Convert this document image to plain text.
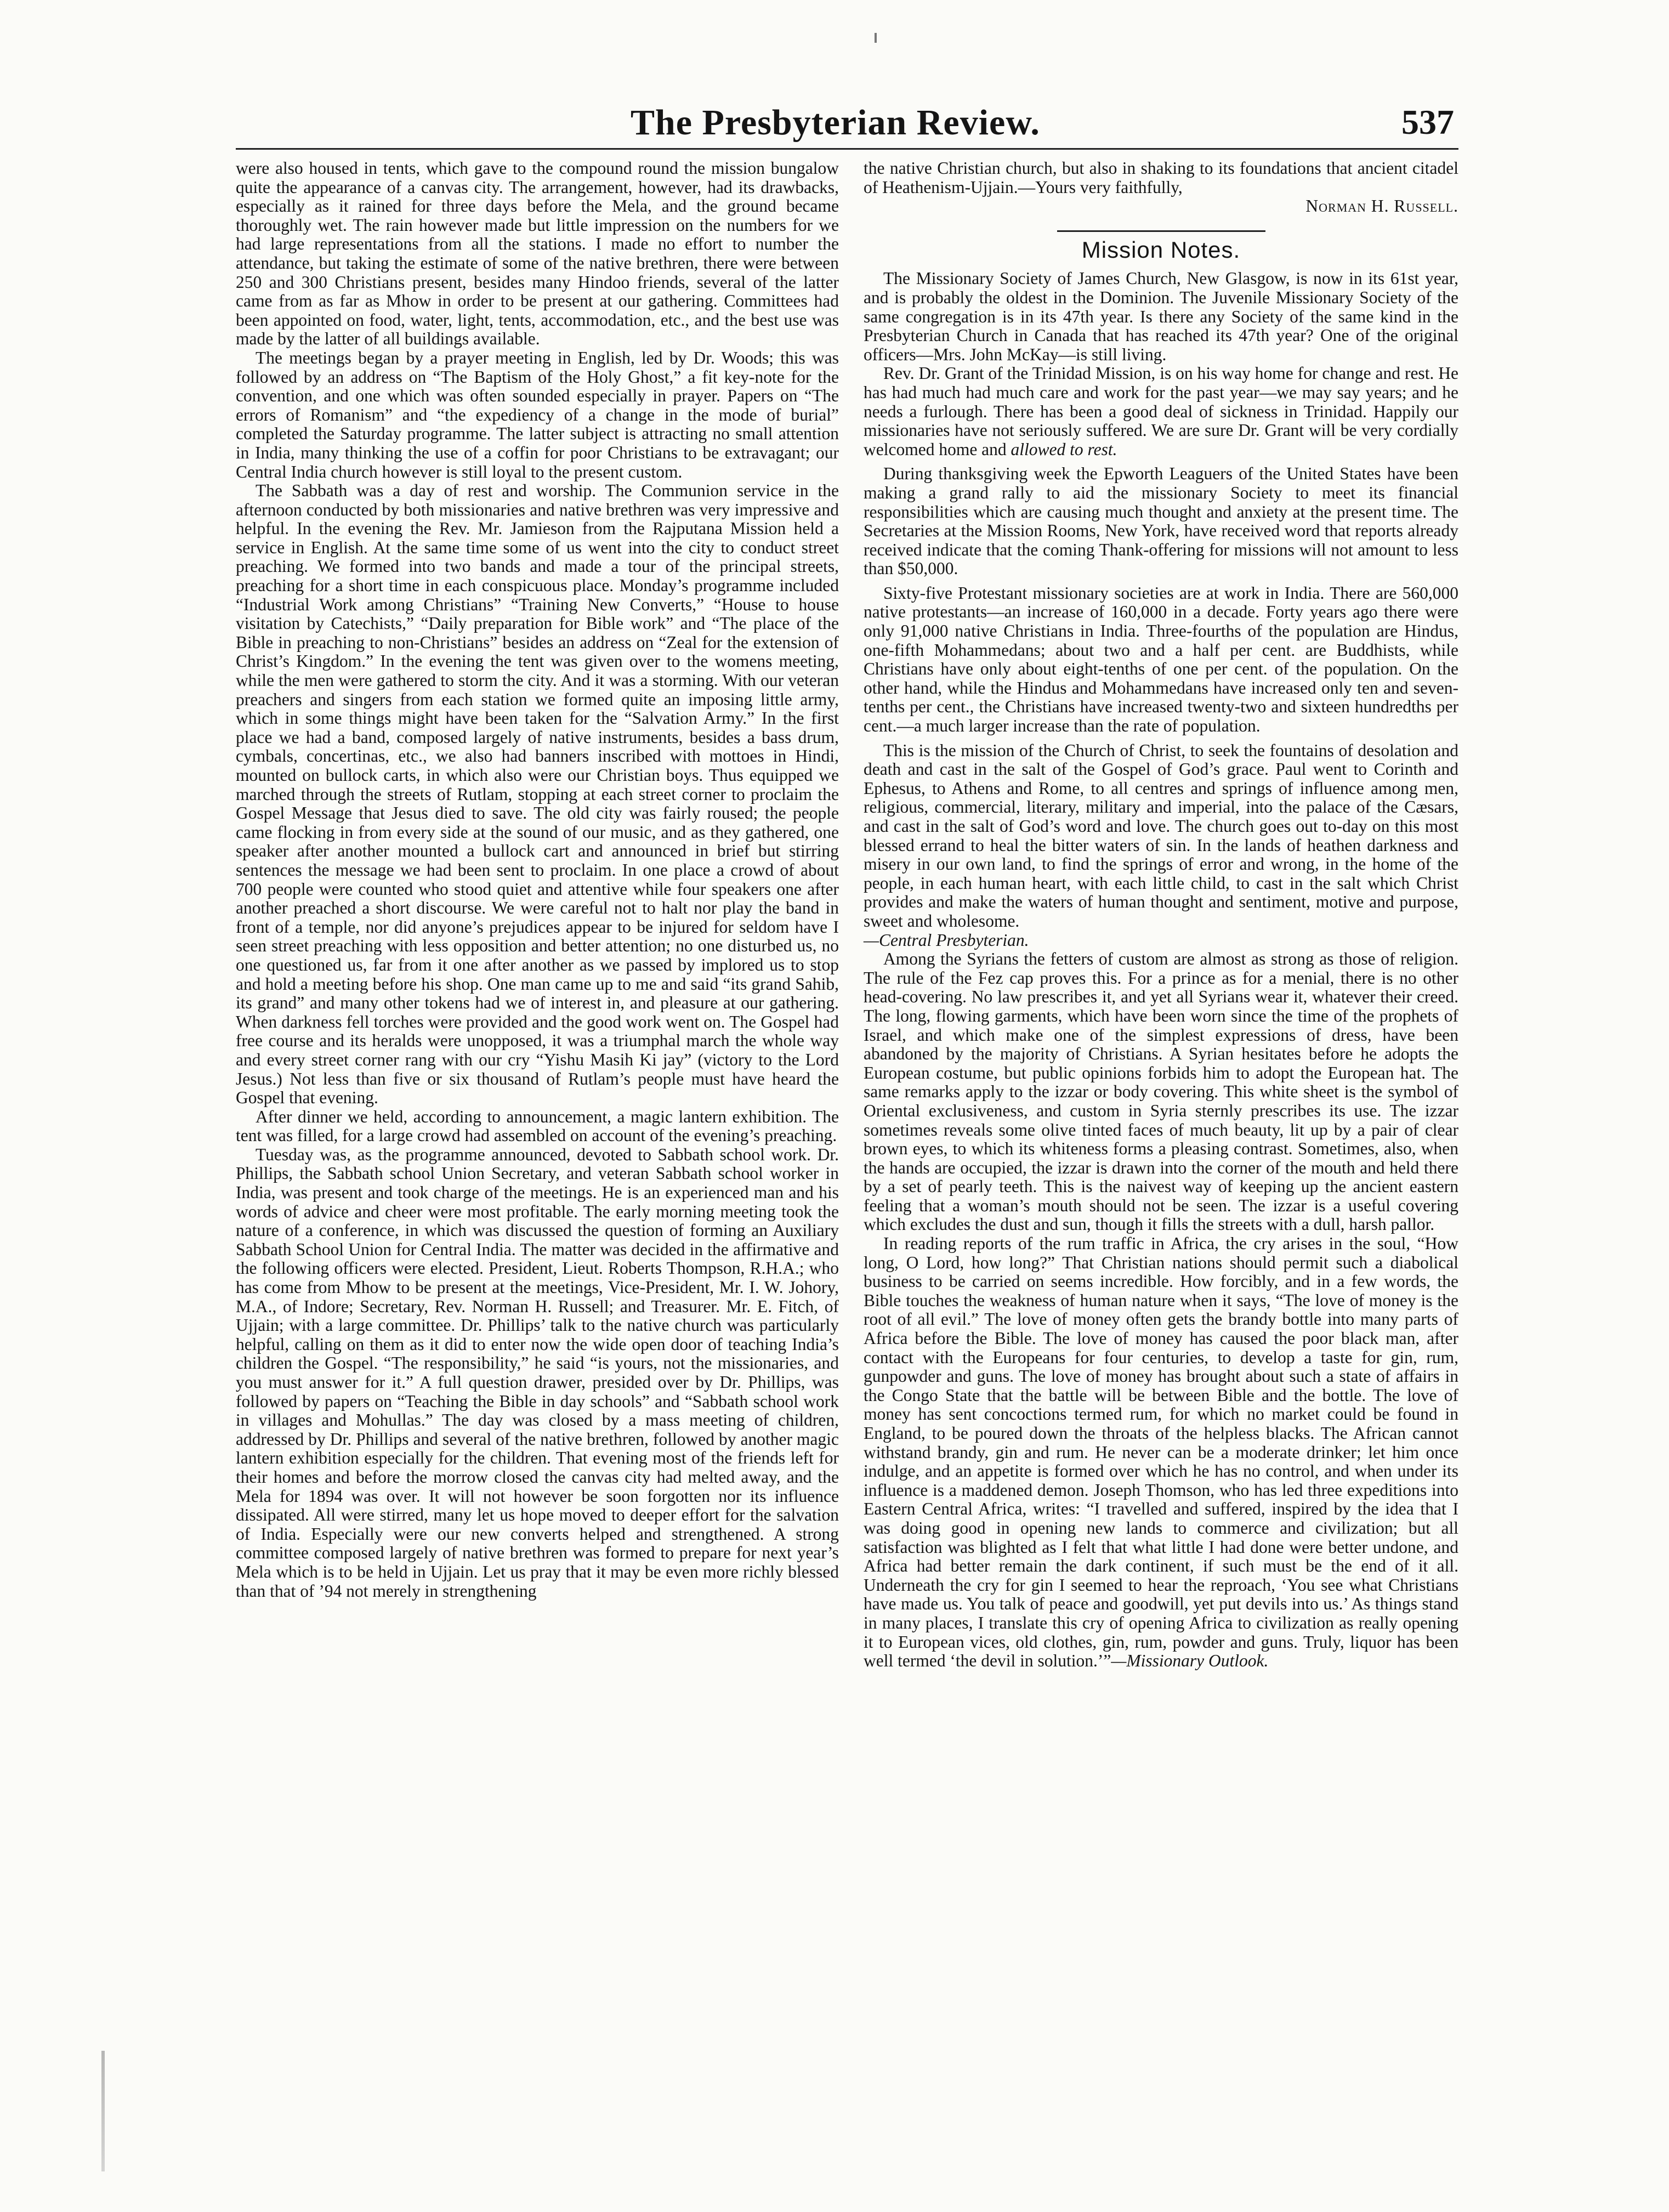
The Presbyterian Review.	537

were also housed in tents, which gave to the compound round the mission bungalow quite the appearance of a canvas city. The arrangement, however, had its drawbacks, especially as it rained for three days before the Mela, and the ground became thoroughly wet. The rain however made but little impression on the numbers for we had large representations from all the stations. I made no effort to number the attendance, but taking the estimate of some of the native brethren, there were between 250 and 300 Christians present, besides many Hindoo friends, several of the latter came from as far as Mhow in order to be present at our gathering. Committees had been appointed on food, water, light, tents, accommodation, etc., and the best use was made by the latter of all buildings available.

The meetings began by a prayer meeting in English, led by Dr. Woods; this was followed by an address on “The Baptism of the Holy Ghost,” a fit key-note for the convention, and one which was often sounded especially in prayer. Papers on “The errors of Romanism” and “the expediency of a change in the mode of burial” completed the Saturday programme. The latter subject is attracting no small attention in India, many thinking the use of a coffin for poor Christians to be extravagant; our Central India church however is still loyal to the present custom.

The Sabbath was a day of rest and worship. The Communion service in the afternoon conducted by both missionaries and native brethren was very impressive and helpful. In the evening the Rev. Mr. Jamieson from the Rajputana Mission held a service in English. At the same time some of us went into the city to conduct street preaching. We formed into two bands and made a tour of the principal streets, preaching for a short time in each conspicuous place. Monday’s programme included “Industrial Work among Christians” “Training New Converts,” “House to house visitation by Catechists,” “Daily preparation for Bible work” and “The place of the Bible in preaching to non-Christians” besides an address on “Zeal for the extension of Christ’s Kingdom.” In the evening the tent was given over to the womens meeting, while the men were gathered to storm the city. And it was a storming. With our veteran preachers and singers from each station we formed quite an imposing little army, which in some things might have been taken for the “Salvation Army.” In the first place we had a band, composed largely of native instruments, besides a bass drum, cymbals, concertinas, etc., we also had banners inscribed with mottoes in Hindi, mounted on bullock carts, in which also were our Christian boys. Thus equipped we marched through the streets of Rutlam, stopping at each street corner to proclaim the Gospel Message that Jesus died to save. The old city was fairly roused; the people came flocking in from every side at the sound of our music, and as they gathered, one speaker after another mounted a bullock cart and announced in brief but stirring sentences the message we had been sent to proclaim. In one place a crowd of about 700 people were counted who stood quiet and attentive while four speakers one after another preached a short discourse. We were careful not to halt nor play the band in front of a temple, nor did anyone’s prejudices appear to be injured for seldom have I seen street preaching with less opposition and better attention; no one disturbed us, no one questioned us, far from it one after another as we passed by implored us to stop and hold a meeting before his shop. One man came up to me and said “its grand Sahib, its grand” and many other tokens had we of interest in, and pleasure at our gathering. When darkness fell torches were provided and the good work went on. The Gospel had free course and its heralds were unopposed, it was a triumphal march the whole way and every street corner rang with our cry “Yishu Masih Ki jay” (victory to the Lord Jesus.) Not less than five or six thousand of Rutlam’s people must have heard the Gospel that evening.

After dinner we held, according to announcement, a magic lantern exhibition. The tent was filled, for a large crowd had assembled on account of the evening’s preaching.

Tuesday was, as the programme announced, devoted to Sabbath school work. Dr. Phillips, the Sabbath school Union Secretary, and veteran Sabbath school worker in India, was present and took charge of the meetings. He is an experienced man and his words of advice and cheer were most profitable. The early morning meeting took the nature of a conference, in which was discussed the question of forming an Auxiliary Sabbath School Union for Central India. The matter was decided in the affirmative and the following officers were elected. President, Lieut. Roberts Thompson, R.H.A.; who has come from Mhow to be present at the meetings, Vice-President, Mr. I. W. Johory, M.A., of Indore; Secretary, Rev. Norman H. Russell; and Treasurer. Mr. E. Fitch, of Ujjain; with a large committee. Dr. Phillips’ talk to the native church was particularly helpful, calling on them as it did to enter now the wide open door of teaching India’s children the Gospel. “The responsibility,” he said “is yours, not the missionaries, and you must answer for it.” A full question drawer, presided over by Dr. Phillips, was followed by papers on “Teaching the Bible in day schools” and “Sabbath school work in villages and Mohullas.” The day was closed by a mass meeting of children, addressed by Dr. Phillips and several of the native brethren, followed by another magic lantern exhibition especially for the children. That evening most of the friends left for their homes and before the morrow closed the canvas city had melted away, and the Mela for 1894 was over. It will not however be soon forgotten nor its influence dissipated. All were stirred, many let us hope moved to deeper effort for the salvation of India. Especially were our new converts helped and strengthened. A strong committee composed largely of native brethren was formed to prepare for next year’s Mela which is to be held in Ujjain. Let us pray that it may be even more richly blessed than that of ’94 not merely in strengthening

the native Christian church, but also in shaking to its foundations that ancient citadel of Heathenism-Ujjain.—Yours very faithfully,

Norman H. Russell.

Mission Notes.

The Missionary Society of James Church, New Glasgow, is now in its 61st year, and is probably the oldest in the Dominion. The Juvenile Missionary Society of the same congregation is in its 47th year. Is there any Society of the same kind in the Presbyterian Church in Canada that has reached its 47th year? One of the original officers—Mrs. John McKay—is still living.

Rev. Dr. Grant of the Trinidad Mission, is on his way home for change and rest. He has had much had much care and work for the past year—we may say years; and he needs a furlough. There has been a good deal of sickness in Trinidad. Happily our missionaries have not seriously suffered. We are sure Dr. Grant will be very cordially welcomed home and allowed to rest.

During thanksgiving week the Epworth Leaguers of the United States have been making a grand rally to aid the missionary Society to meet its financial responsibilities which are causing much thought and anxiety at the present time. The Secretaries at the Mission Rooms, New York, have received word that reports already received indicate that the coming Thank-offering for missions will not amount to less than $50,000.

Sixty-five Protestant missionary societies are at work in India. There are 560,000 native protestants—an increase of 160,000 in a decade. Forty years ago there were only 91,000 native Christians in India. Three-fourths of the population are Hindus, one-fifth Mohammedans; about two and a half per cent. are Buddhists, while Christians have only about eight-tenths of one per cent. of the population. On the other hand, while the Hindus and Mohammedans have increased only ten and seven-tenths per cent., the Christians have increased twenty-two and sixteen hundredths per cent.—a much larger increase than the rate of population.

This is the mission of the Church of Christ, to seek the fountains of desolation and death and cast in the salt of the Gospel of God’s grace. Paul went to Corinth and Ephesus, to Athens and Rome, to all centres and springs of influence among men, religious, commercial, literary, military and imperial, into the palace of the Cæsars, and cast in the salt of God’s word and love. The church goes out to-day on this most blessed errand to heal the bitter waters of sin. In the lands of heathen darkness and misery in our own land, to find the springs of error and wrong, in the home of the people, in each human heart, with each little child, to cast in the salt which Christ provides and make the waters of human thought and sentiment, motive and purpose, sweet and wholesome.

—Central Presbyterian.

Among the Syrians the fetters of custom are almost as strong as those of religion. The rule of the Fez cap proves this. For a prince as for a menial, there is no other head-covering. No law prescribes it, and yet all Syrians wear it, whatever their creed. The long, flowing garments, which have been worn since the time of the prophets of Israel, and which make one of the simplest expressions of dress, have been abandoned by the majority of Christians. A Syrian hesitates before he adopts the European costume, but public opinions forbids him to adopt the European hat. The same remarks apply to the izzar or body covering. This white sheet is the symbol of Oriental exclusiveness, and custom in Syria sternly prescribes its use. The izzar sometimes reveals some olive tinted faces of much beauty, lit up by a pair of clear brown eyes, to which its whiteness forms a pleasing contrast. Sometimes, also, when the hands are occupied, the izzar is drawn into the corner of the mouth and held there by a set of pearly teeth. This is the naivest way of keeping up the ancient eastern feeling that a woman’s mouth should not be seen. The izzar is a useful covering which excludes the dust and sun, though it fills the streets with a dull, harsh pallor.

In reading reports of the rum traffic in Africa, the cry arises in the soul, “How long, O Lord, how long?” That Christian nations should permit such a diabolical business to be carried on seems incredible. How forcibly, and in a few words, the Bible touches the weakness of human nature when it says, “The love of money is the root of all evil.” The love of money often gets the brandy bottle into many parts of Africa before the Bible. The love of money has caused the poor black man, after contact with the Europeans for four centuries, to develop a taste for gin, rum, gunpowder and guns. The love of money has brought about such a state of affairs in the Congo State that the battle will be between Bible and the bottle. The love of money has sent concoctions termed rum, for which no market could be found in England, to be poured down the throats of the helpless blacks. The African cannot withstand brandy, gin and rum. He never can be a moderate drinker; let him once indulge, and an appetite is formed over which he has no control, and when under its influence is a maddened demon. Joseph Thomson, who has led three expeditions into Eastern Central Africa, writes: “I travelled and suffered, inspired by the idea that I was doing good in opening new lands to commerce and civilization; but all satisfaction was blighted as I felt that what little I had done were better undone, and Africa had better remain the dark continent, if such must be the end of it all. Underneath the cry for gin I seemed to hear the reproach, ‘You see what Christians have made us. You talk of peace and goodwill, yet put devils into us.’ As things stand in many places, I translate this cry of opening Africa to civilization as really opening it to European vices, old clothes, gin, rum, powder and guns. Truly, liquor has been well termed ‘the devil in solution.’”—Missionary Outlook.
